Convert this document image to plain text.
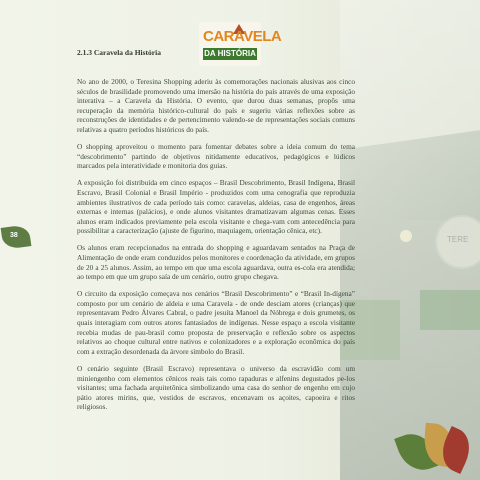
TERE
CARAVELA
DA HISTÓRIA
2.1.3 Caravela da História

No ano de 2000, o Teresina Shopping aderiu às comemorações nacionais alusivas aos cinco séculos de brasilidade promovendo uma imersão na história do país através de uma exposição interativa – a Caravela da História. O evento, que durou duas semanas, propôs uma recuperação da memória histórico-cultural do país e sugeriu várias reflexões sobre as reconstruções de identidades e de pertencimento valendo-se de representações sociais comuns relativas a quatro períodos históricos do país.

O shopping aproveitou o momento para fomentar debates sobre a ideia comum do tema “descobrimento” partindo de objetivos nitidamente educativos, pedagógicos e lúdicos marcados pela interatividade e monitoria dos guias.

A exposição foi distribuída em cinco espaços – Brasil Descobrimento, Brasil Indígena, Brasil Escravo, Brasil Colonial e Brasil Império - produzidos com uma cenografia que reproduzia ambientes ilustrativos de cada período tais como: caravelas, aldeias, casa de engenhos, áreas externas e internas (palácios), e onde alunos visitantes dramatizavam algumas cenas. Esses alunos eram indicados previamente pela escola visitante e chega-vam com antecedência para possibilitar a caracterização (ajuste de figurino, maquiagem, orientação cênica, etc).

Os alunos eram recepcionados na entrada do shopping e aguardavam sentados na Praça de Alimentação de onde eram conduzidos pelos monitores e coordenação da atividade, em grupos de 20 a 25 alunos. Assim, ao tempo em que uma escola aguardava, outra es-cola era atendida; ao tempo em que um grupo saía de um cenário, outro grupo chegava.

O circuito da exposição começava nos cenários “Brasil Descobrimento” e “Brasil In-dígena” composto por um cenário de aldeia e uma Caravela - de onde desciam atores (crianças) que representavam Pedro Álvares Cabral, o padre jesuíta Manoel da Nóbrega e dois grumetes, os quais interagiam com outros atores fantasiados de indígenas. Nesse espaço a escola visitante recebia mudas de pau-brasil como proposta de preservação e reflexão sobre os aspectos relativos ao choque cultural entre nativos e colonizadores e a exploração econômica do país com a extração desordenada da árvore símbolo do Brasil.

O cenário seguinte (Brasil Escravo) representava o universo da escravidão com um miniengenho com elementos cênicos reais tais como rapaduras e alfenins degustados pe-los visitantes; uma fachada arquitetônica simbolizando uma casa do senhor de engenho em cujo pátio atores mirins, que, vestidos de escravos, encenavam os açoites, capoeira e ritos religiosos.

38
